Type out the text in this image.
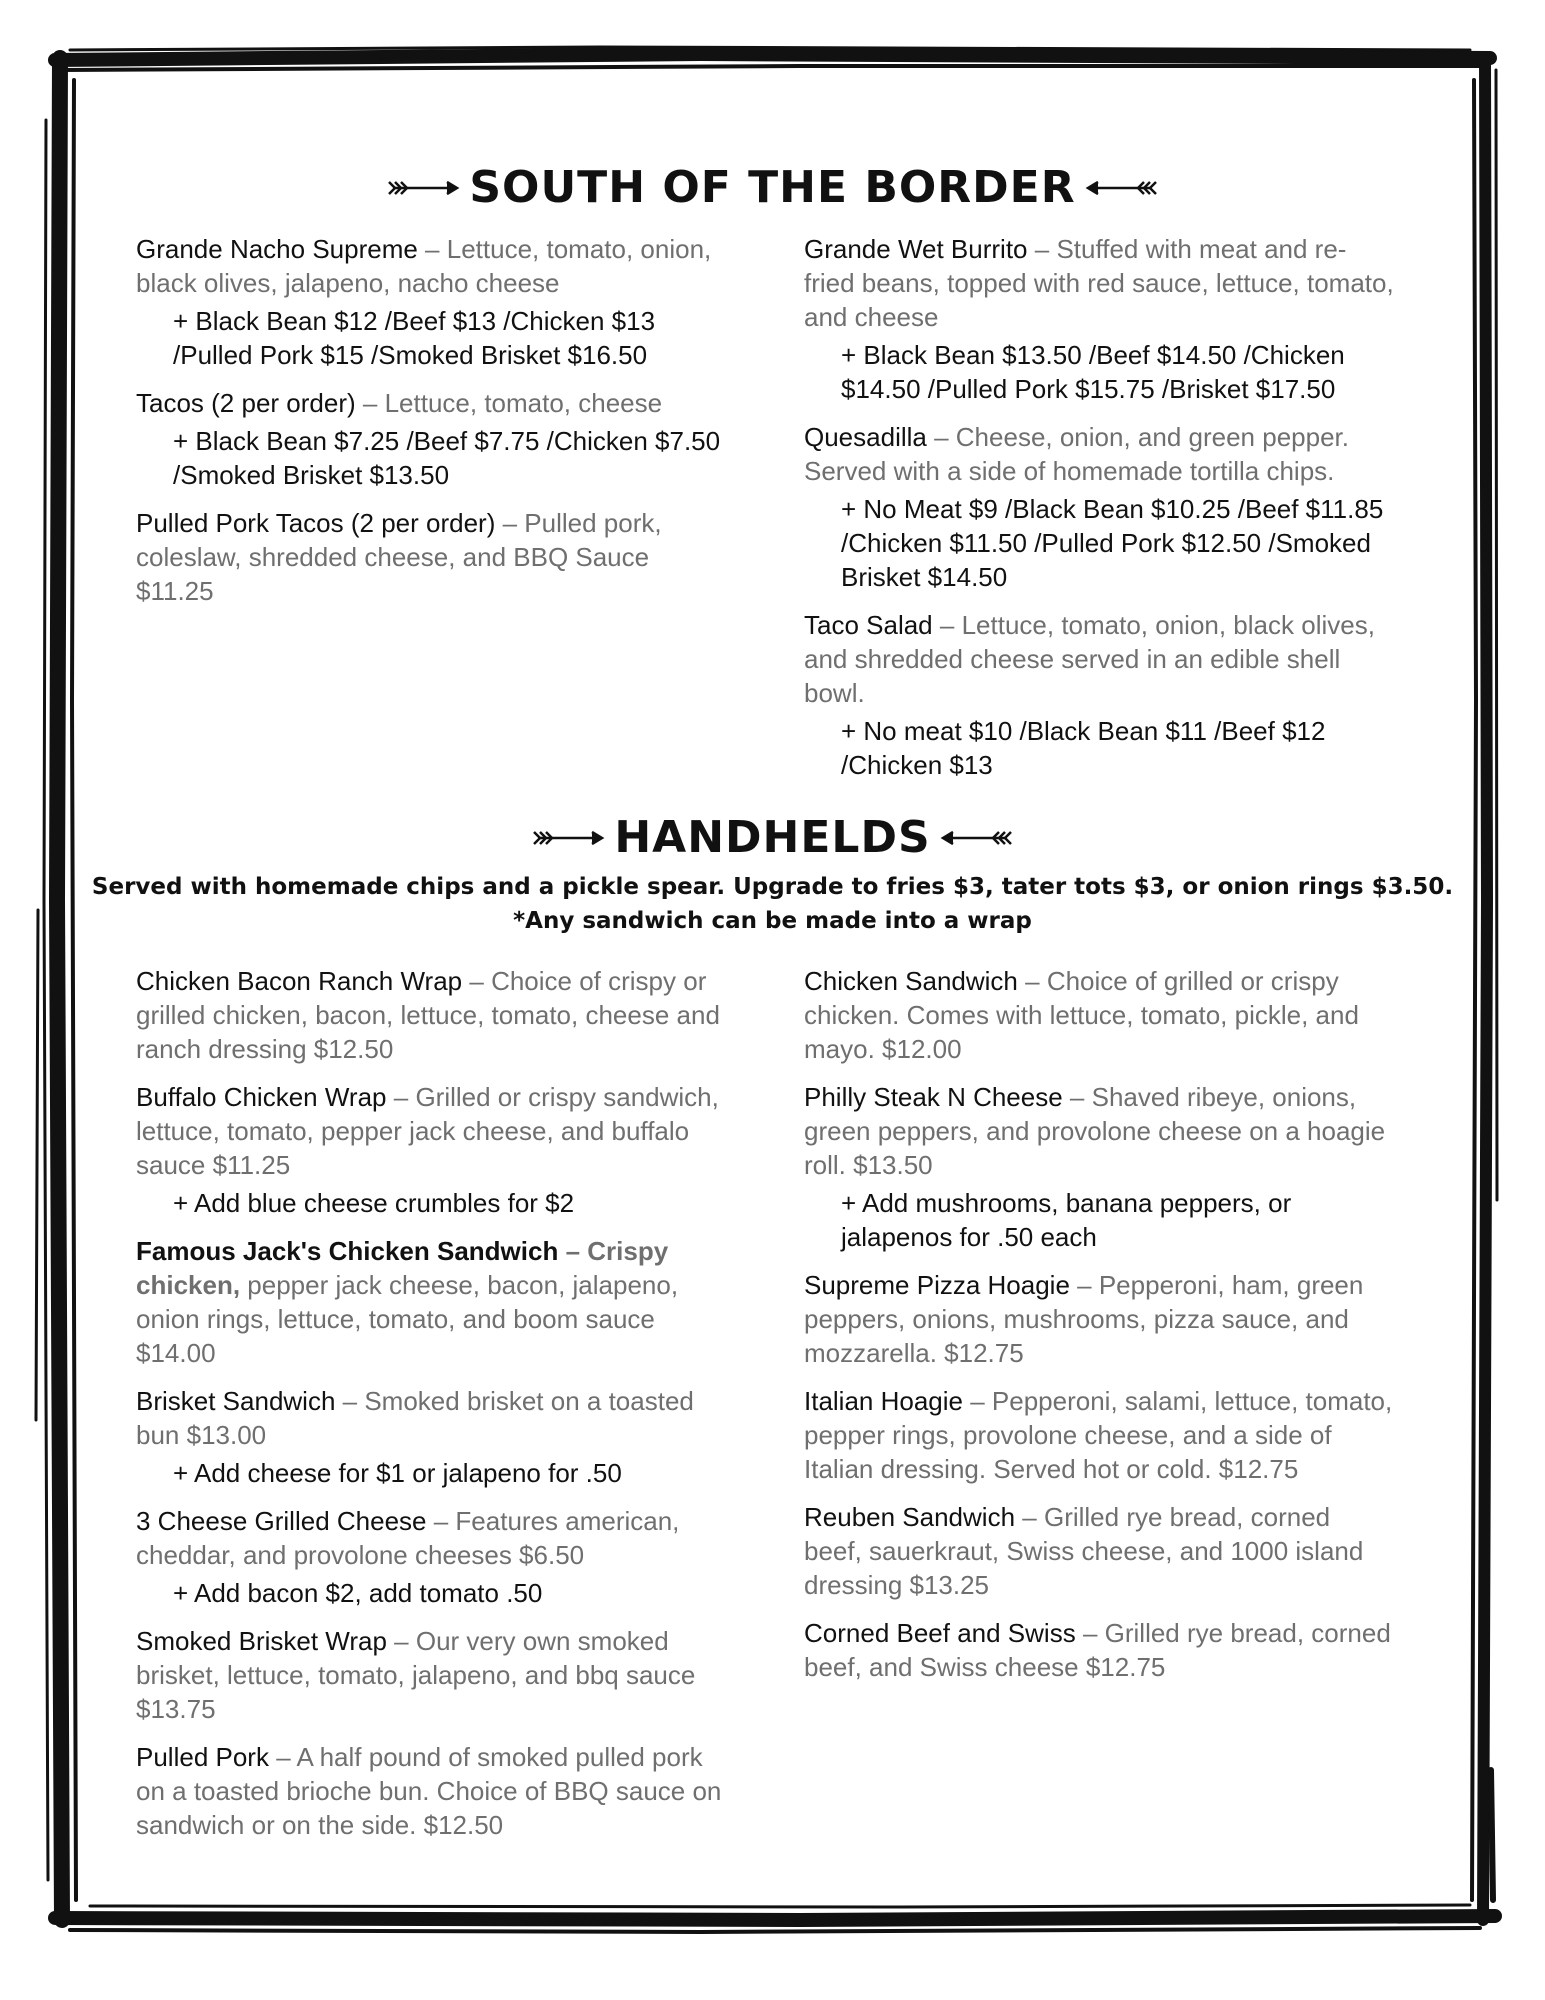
SOUTH OF THE BORDER
Grande Nacho Supreme – Lettuce, tomato, onion, black olives, jalapeno, nacho cheese
+ Black Bean $12 /Beef $13 /Chicken $13 /Pulled Pork $15 /Smoked Brisket $16.50
Tacos (2 per order) – Lettuce, tomato, cheese
+ Black Bean $7.25 /Beef $7.75 /Chicken $7.50 /Smoked Brisket $13.50
Pulled Pork Tacos (2 per order) – Pulled pork, coleslaw, shredded cheese, and BBQ Sauce $11.25
Grande Wet Burrito – Stuffed with meat and re-fried beans, topped with red sauce, lettuce, tomato, and cheese
+ Black Bean $13.50 /Beef $14.50 /Chicken $14.50 /Pulled Pork $15.75 /Brisket $17.50
Quesadilla – Cheese, onion, and green pepper. Served with a side of homemade tortilla chips.
+ No Meat $9 /Black Bean $10.25 /Beef $11.85 /Chicken $11.50 /Pulled Pork $12.50 /Smoked Brisket $14.50
Taco Salad – Lettuce, tomato, onion, black olives, and shredded cheese served in an edible shell bowl.
+ No meat $10 /Black Bean $11 /Beef $12 /Chicken $13
HANDHELDS
Served with homemade chips and a pickle spear. Upgrade to fries $3, tater tots $3, or onion rings $3.50.
*Any sandwich can be made into a wrap
Chicken Bacon Ranch Wrap – Choice of crispy or grilled chicken, bacon, lettuce, tomato, cheese and ranch dressing $12.50
Buffalo Chicken Wrap – Grilled or crispy sandwich, lettuce, tomato, pepper jack cheese, and buffalo sauce $11.25
+ Add blue cheese crumbles for $2
Famous Jack's Chicken Sandwich – Crispy chicken, pepper jack cheese, bacon, jalapeno, onion rings, lettuce, tomato, and boom sauce $14.00
Brisket Sandwich – Smoked brisket on a toasted bun $13.00
+ Add cheese for $1 or jalapeno for .50
3 Cheese Grilled Cheese – Features american, cheddar, and provolone cheeses $6.50
+ Add bacon $2, add tomato .50
Smoked Brisket Wrap – Our very own smoked brisket, lettuce, tomato, jalapeno, and bbq sauce $13.75
Pulled Pork – A half pound of smoked pulled pork on a toasted brioche bun. Choice of BBQ sauce on sandwich or on the side. $12.50
Chicken Sandwich – Choice of grilled or crispy chicken. Comes with lettuce, tomato, pickle, and mayo. $12.00
Philly Steak N Cheese – Shaved ribeye, onions, green peppers, and provolone cheese on a hoagie roll. $13.50
+ Add mushrooms, banana peppers, or jalapenos for .50 each
Supreme Pizza Hoagie – Pepperoni, ham, green peppers, onions, mushrooms, pizza sauce, and mozzarella. $12.75
Italian Hoagie – Pepperoni, salami, lettuce, tomato, pepper rings, provolone cheese, and a side of Italian dressing. Served hot or cold. $12.75
Reuben Sandwich – Grilled rye bread, corned beef, sauerkraut, Swiss cheese, and 1000 island dressing $13.25
Corned Beef and Swiss – Grilled rye bread, corned beef, and Swiss cheese $12.75
